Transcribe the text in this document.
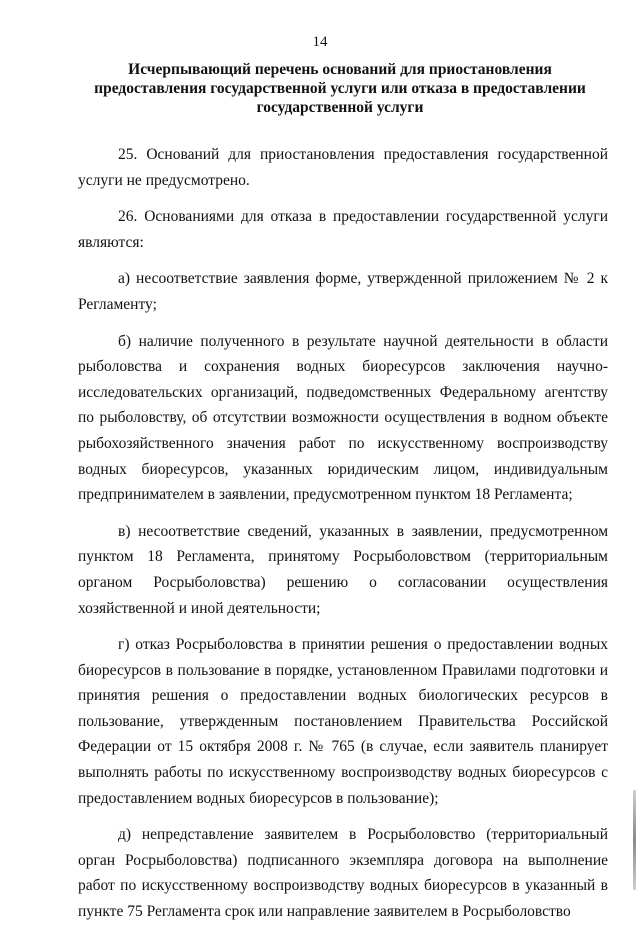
14
Исчерпывающий перечень оснований для приостановления
предоставления государственной услуги или отказа в предоставлении
государственной услуги

25. Оснований для приостановления предоставления государственной услуги не предусмотрено.

26. Основаниями для отказа в предоставлении государственной услуги являются:

а) несоответствие заявления форме, утвержденной приложением № 2 к Регламенту;

б) наличие полученного в результате научной деятельности в области рыболовства и сохранения водных биоресурсов заключения научно-исследовательских организаций, подведомственных Федеральному агентству по рыболовству, об отсутствии возможности осуществления в водном объекте рыбохозяйственного значения работ по искусственному воспроизводству водных биоресурсов, указанных юридическим лицом, индивидуальным предпринимателем в заявлении, предусмотренном пунктом 18 Регламента;

в) несоответствие сведений, указанных в заявлении, предусмотренном пунктом 18 Регламента, принятому Росрыболовством (территориальным органом Росрыболовства) решению о согласовании осуществления хозяйственной и иной деятельности;

г) отказ Росрыболовства в принятии решения о предоставлении водных биоресурсов в пользование в порядке, установленном Правилами подготовки и принятия решения о предоставлении водных биологических ресурсов в пользование, утвержденным постановлением Правительства Российской Федерации от 15 октября 2008 г. № 765 (в случае, если заявитель планирует выполнять работы по искусственному воспроизводству водных биоресурсов с предоставлением водных биоресурсов в пользование);

д) непредставление заявителем в Росрыболовство (территориальный орган Росрыболовства) подписанного экземпляра договора на выполнение работ по искусственному воспроизводству водных биоресурсов в указанный в пункте 75 Регламента срок или направление заявителем в Росрыболовство
